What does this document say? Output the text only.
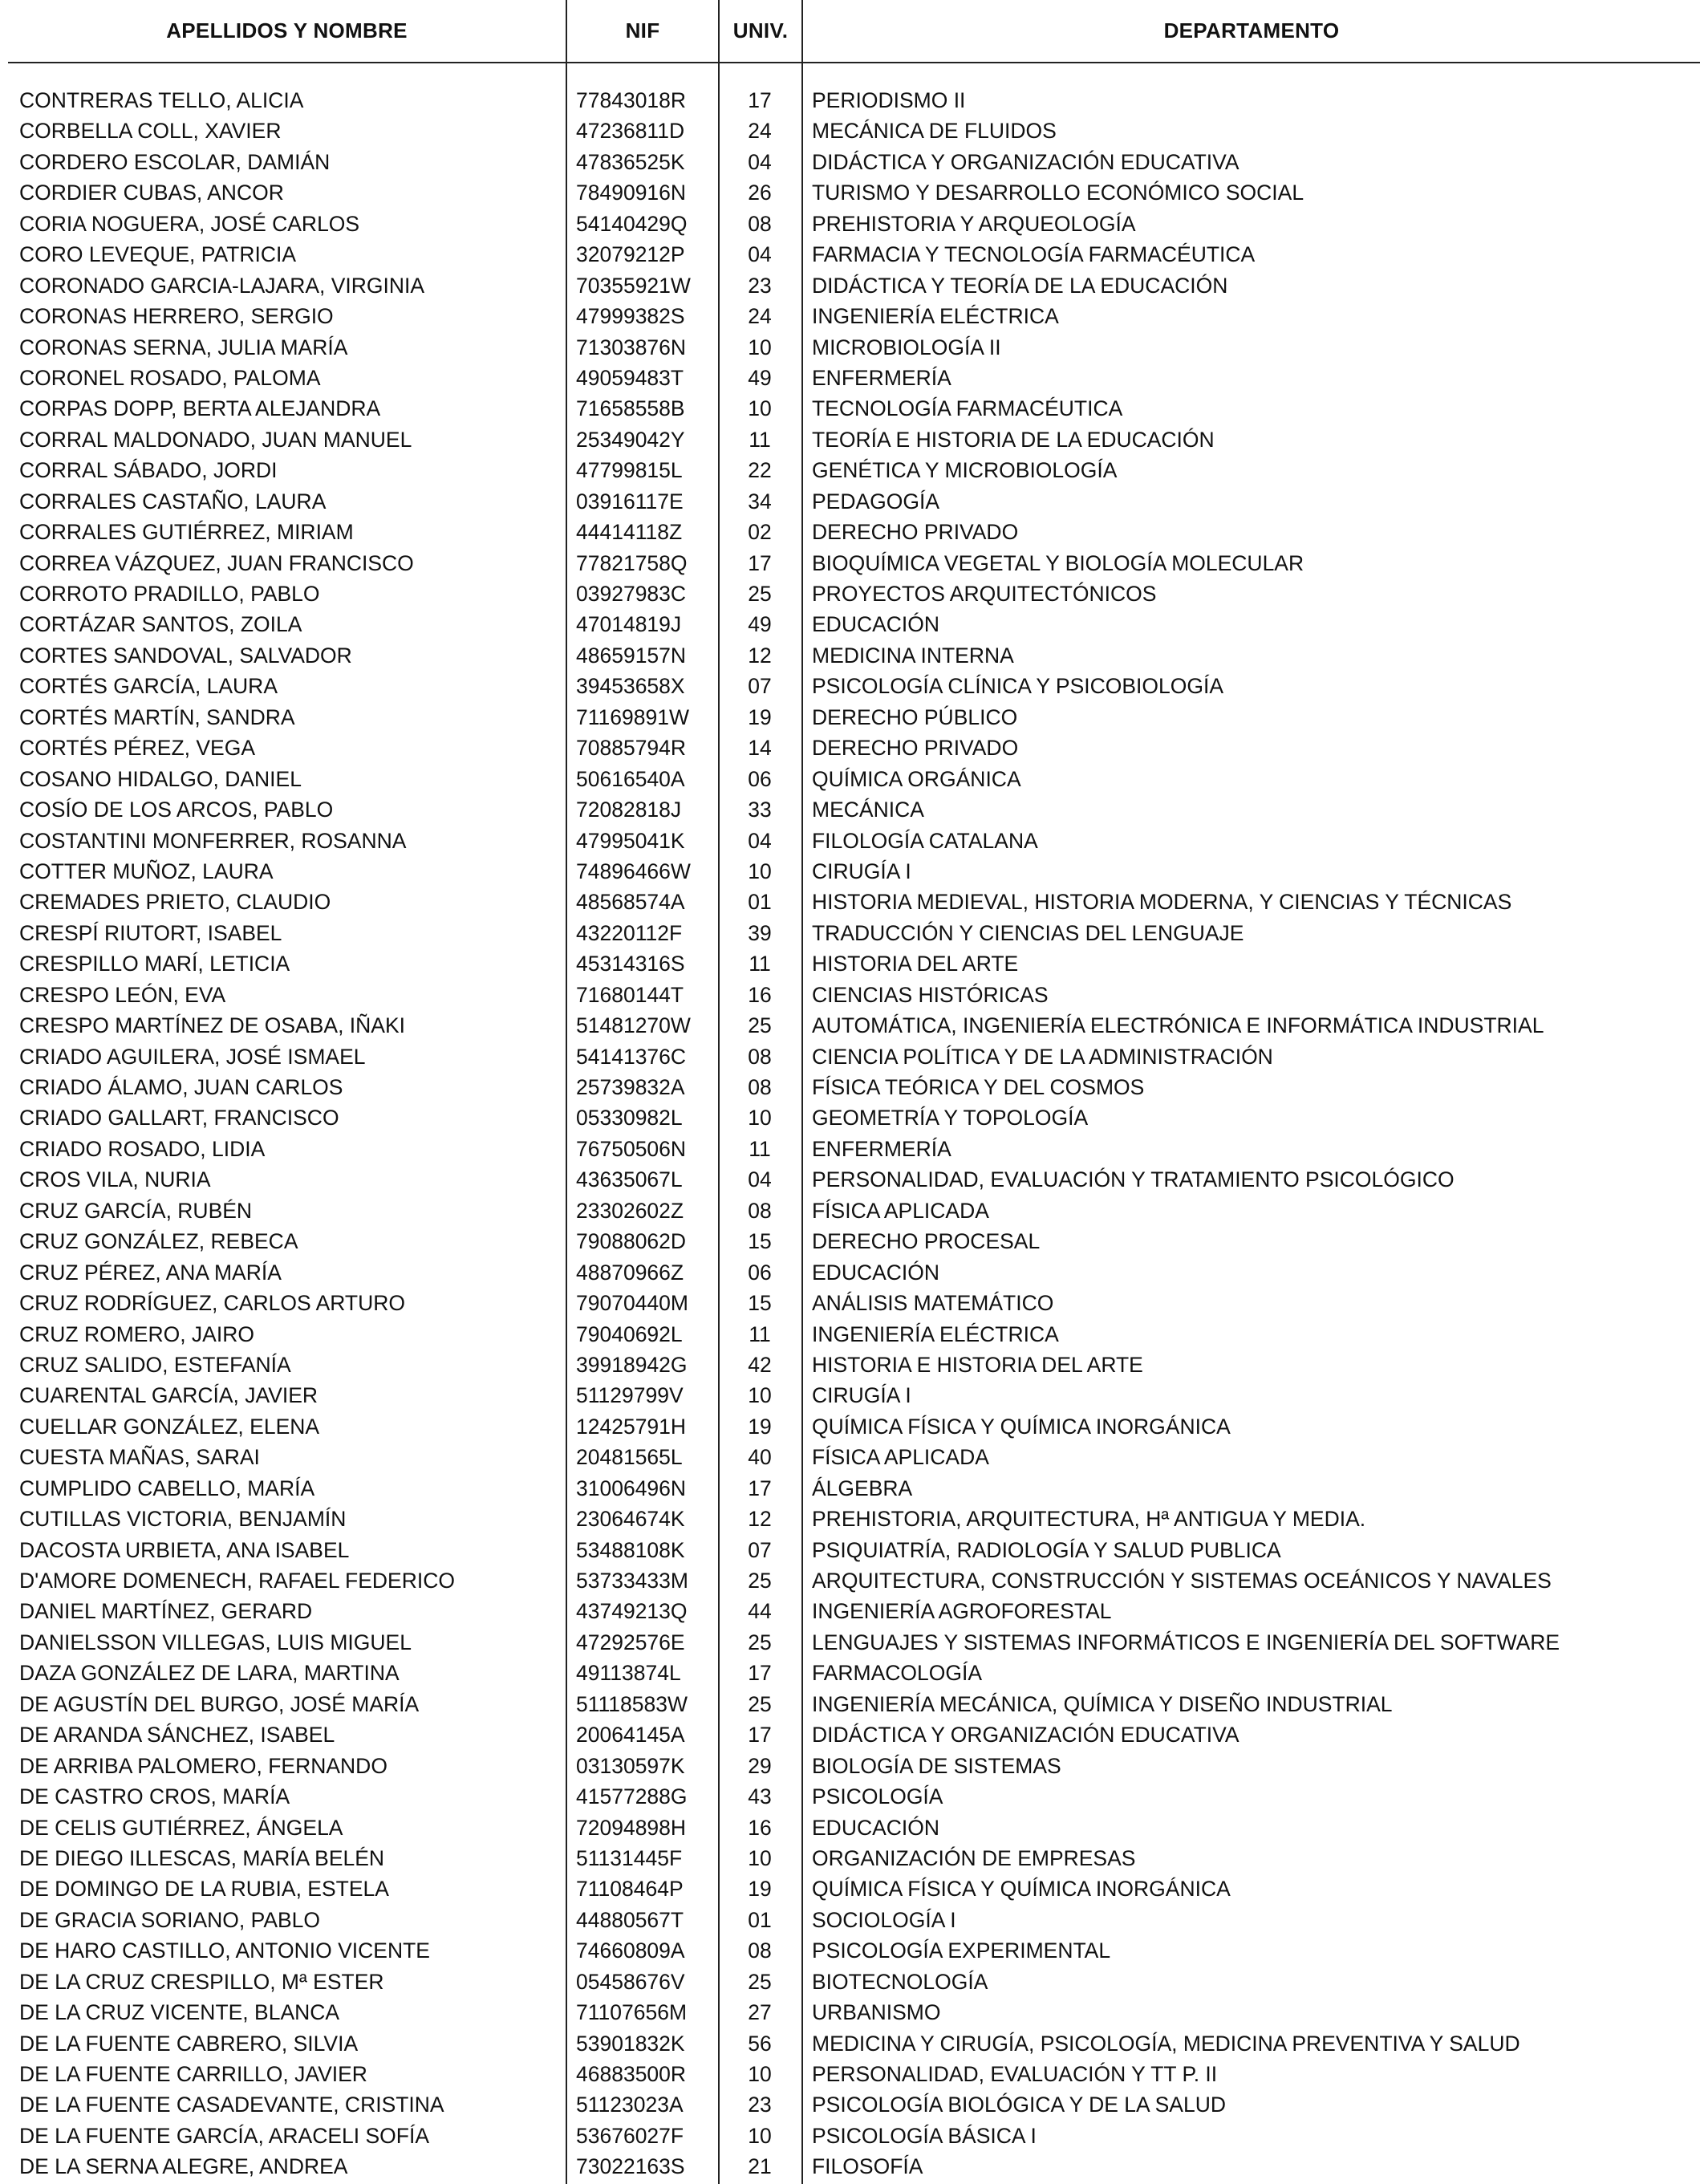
APELLIDOS Y NOMBRE	NIF	UNIV.	DEPARTAMENTO
CONTRERAS TELLO, ALICIA	77843018R	17	PERIODISMO II
CORBELLA COLL, XAVIER	47236811D	24	MECÁNICA DE FLUIDOS
CORDERO ESCOLAR, DAMIÁN	47836525K	04	DIDÁCTICA Y ORGANIZACIÓN EDUCATIVA
CORDIER CUBAS, ANCOR	78490916N	26	TURISMO Y DESARROLLO ECONÓMICO SOCIAL
CORIA NOGUERA, JOSÉ CARLOS	54140429Q	08	PREHISTORIA Y ARQUEOLOGÍA
CORO LEVEQUE, PATRICIA	32079212P	04	FARMACIA Y TECNOLOGÍA FARMACÉUTICA
CORONADO GARCIA-LAJARA, VIRGINIA	70355921W	23	DIDÁCTICA Y TEORÍA DE LA EDUCACIÓN
CORONAS HERRERO, SERGIO	47999382S	24	INGENIERÍA ELÉCTRICA
CORONAS SERNA, JULIA MARÍA	71303876N	10	MICROBIOLOGÍA II
CORONEL ROSADO, PALOMA	49059483T	49	ENFERMERÍA
CORPAS DOPP, BERTA ALEJANDRA	71658558B	10	TECNOLOGÍA FARMACÉUTICA
CORRAL MALDONADO, JUAN MANUEL	25349042Y	11	TEORÍA E HISTORIA DE LA EDUCACIÓN
CORRAL SÁBADO, JORDI	47799815L	22	GENÉTICA Y MICROBIOLOGÍA
CORRALES CASTAÑO, LAURA	03916117E	34	PEDAGOGÍA
CORRALES GUTIÉRREZ, MIRIAM	44414118Z	02	DERECHO PRIVADO
CORREA VÁZQUEZ, JUAN FRANCISCO	77821758Q	17	BIOQUÍMICA VEGETAL Y BIOLOGÍA MOLECULAR
CORROTO PRADILLO, PABLO	03927983C	25	PROYECTOS ARQUITECTÓNICOS
CORTÁZAR SANTOS, ZOILA	47014819J	49	EDUCACIÓN
CORTES SANDOVAL, SALVADOR	48659157N	12	MEDICINA INTERNA
CORTÉS GARCÍA, LAURA	39453658X	07	PSICOLOGÍA CLÍNICA Y PSICOBIOLOGÍA
CORTÉS MARTÍN, SANDRA	71169891W	19	DERECHO PÚBLICO
CORTÉS PÉREZ, VEGA	70885794R	14	DERECHO PRIVADO
COSANO HIDALGO, DANIEL	50616540A	06	QUÍMICA ORGÁNICA
COSÍO DE LOS ARCOS, PABLO	72082818J	33	MECÁNICA
COSTANTINI MONFERRER, ROSANNA	47995041K	04	FILOLOGÍA CATALANA
COTTER MUÑOZ, LAURA	74896466W	10	CIRUGÍA I
CREMADES PRIETO, CLAUDIO	48568574A	01	HISTORIA MEDIEVAL, HISTORIA MODERNA, Y CIENCIAS Y TÉCNICAS
CRESPÍ RIUTORT, ISABEL	43220112F	39	TRADUCCIÓN Y CIENCIAS DEL LENGUAJE
CRESPILLO MARÍ, LETICIA	45314316S	11	HISTORIA DEL ARTE
CRESPO LEÓN, EVA	71680144T	16	CIENCIAS HISTÓRICAS
CRESPO MARTÍNEZ DE OSABA, IÑAKI	51481270W	25	AUTOMÁTICA, INGENIERÍA ELECTRÓNICA E INFORMÁTICA INDUSTRIAL
CRIADO AGUILERA, JOSÉ ISMAEL	54141376C	08	CIENCIA POLÍTICA Y DE LA ADMINISTRACIÓN
CRIADO ÁLAMO, JUAN CARLOS	25739832A	08	FÍSICA TEÓRICA Y DEL COSMOS
CRIADO GALLART, FRANCISCO	05330982L	10	GEOMETRÍA Y TOPOLOGÍA
CRIADO ROSADO, LIDIA	76750506N	11	ENFERMERÍA
CROS VILA, NURIA	43635067L	04	PERSONALIDAD, EVALUACIÓN Y TRATAMIENTO PSICOLÓGICO
CRUZ GARCÍA, RUBÉN	23302602Z	08	FÍSICA APLICADA
CRUZ GONZÁLEZ, REBECA	79088062D	15	DERECHO PROCESAL
CRUZ PÉREZ, ANA MARÍA	48870966Z	06	EDUCACIÓN
CRUZ RODRÍGUEZ, CARLOS ARTURO	79070440M	15	ANÁLISIS MATEMÁTICO
CRUZ ROMERO, JAIRO	79040692L	11	INGENIERÍA ELÉCTRICA
CRUZ SALIDO, ESTEFANÍA	39918942G	42	HISTORIA E HISTORIA DEL ARTE
CUARENTAL GARCÍA, JAVIER	51129799V	10	CIRUGÍA I
CUELLAR GONZÁLEZ, ELENA	12425791H	19	QUÍMICA FÍSICA Y QUÍMICA INORGÁNICA
CUESTA MAÑAS, SARAI	20481565L	40	FÍSICA APLICADA
CUMPLIDO CABELLO, MARÍA	31006496N	17	ÁLGEBRA
CUTILLAS VICTORIA, BENJAMÍN	23064674K	12	PREHISTORIA, ARQUITECTURA, Hª ANTIGUA Y MEDIA.
DACOSTA URBIETA, ANA ISABEL	53488108K	07	PSIQUIATRÍA, RADIOLOGÍA Y SALUD PUBLICA
D'AMORE DOMENECH, RAFAEL FEDERICO	53733433M	25	ARQUITECTURA, CONSTRUCCIÓN Y SISTEMAS OCEÁNICOS Y NAVALES
DANIEL MARTÍNEZ, GERARD	43749213Q	44	INGENIERÍA AGROFORESTAL
DANIELSSON VILLEGAS, LUIS MIGUEL	47292576E	25	LENGUAJES Y SISTEMAS INFORMÁTICOS E INGENIERÍA DEL SOFTWARE
DAZA GONZÁLEZ DE LARA, MARTINA	49113874L	17	FARMACOLOGÍA
DE AGUSTÍN DEL BURGO, JOSÉ MARÍA	51118583W	25	INGENIERÍA MECÁNICA, QUÍMICA Y DISEÑO INDUSTRIAL
DE ARANDA SÁNCHEZ, ISABEL	20064145A	17	DIDÁCTICA Y ORGANIZACIÓN EDUCATIVA
DE ARRIBA PALOMERO, FERNANDO	03130597K	29	BIOLOGÍA DE SISTEMAS
DE CASTRO CROS, MARÍA	41577288G	43	PSICOLOGÍA
DE CELIS GUTIÉRREZ, ÁNGELA	72094898H	16	EDUCACIÓN
DE DIEGO ILLESCAS, MARÍA BELÉN	51131445F	10	ORGANIZACIÓN DE EMPRESAS
DE DOMINGO DE LA RUBIA, ESTELA	71108464P	19	QUÍMICA FÍSICA Y QUÍMICA INORGÁNICA
DE GRACIA SORIANO, PABLO	44880567T	01	SOCIOLOGÍA I
DE HARO CASTILLO, ANTONIO VICENTE	74660809A	08	PSICOLOGÍA EXPERIMENTAL
DE LA CRUZ CRESPILLO, Mª ESTER	05458676V	25	BIOTECNOLOGÍA
DE LA CRUZ VICENTE, BLANCA	71107656M	27	URBANISMO
DE LA FUENTE CABRERO, SILVIA	53901832K	56	MEDICINA Y CIRUGÍA, PSICOLOGÍA, MEDICINA PREVENTIVA Y SALUD
DE LA FUENTE CARRILLO, JAVIER	46883500R	10	PERSONALIDAD, EVALUACIÓN Y TT P. II
DE LA FUENTE CASADEVANTE, CRISTINA	51123023A	23	PSICOLOGÍA BIOLÓGICA Y DE LA SALUD
DE LA FUENTE GARCÍA, ARACELI SOFÍA	53676027F	10	PSICOLOGÍA BÁSICA I
DE LA SERNA ALEGRE, ANDREA	73022163S	21	FILOSOFÍA
